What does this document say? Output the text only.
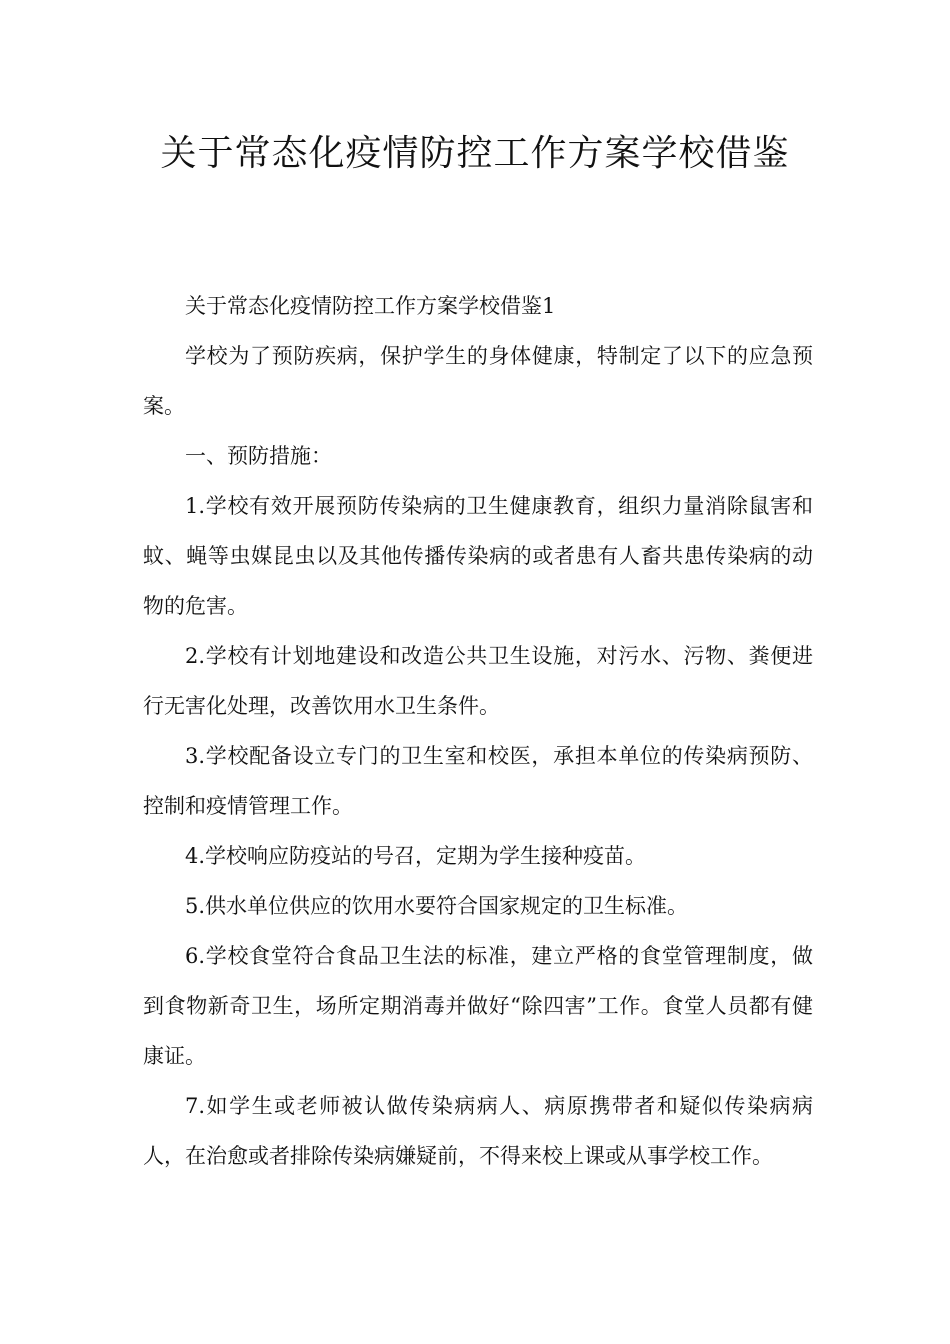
关于常态化疫情防控工作方案学校借鉴

关于常态化疫情防控工作方案学校借鉴1

学校为了预防疾病，保护学生的身体健康，特制定了以下的应急预案。

一、预防措施：

1.学校有效开展预防传染病的卫生健康教育，组织力量消除鼠害和蚊、蝇等虫媒昆虫以及其他传播传染病的或者患有人畜共患传染病的动物的危害。

2.学校有计划地建设和改造公共卫生设施，对污水、污物、粪便进行无害化处理，改善饮用水卫生条件。

3.学校配备设立专门的卫生室和校医，承担本单位的传染病预防、控制和疫情管理工作。

4.学校响应防疫站的号召，定期为学生接种疫苗。

5.供水单位供应的饮用水要符合国家规定的卫生标准。

6.学校食堂符合食品卫生法的标准，建立严格的食堂管理制度，做到食物新奇卫生，场所定期消毒并做好“除四害”工作。食堂人员都有健康证。

7.如学生或老师被认做传染病病人、病原携带者和疑似传染病病人，在治愈或者排除传染病嫌疑前，不得来校上课或从事学校工作。
